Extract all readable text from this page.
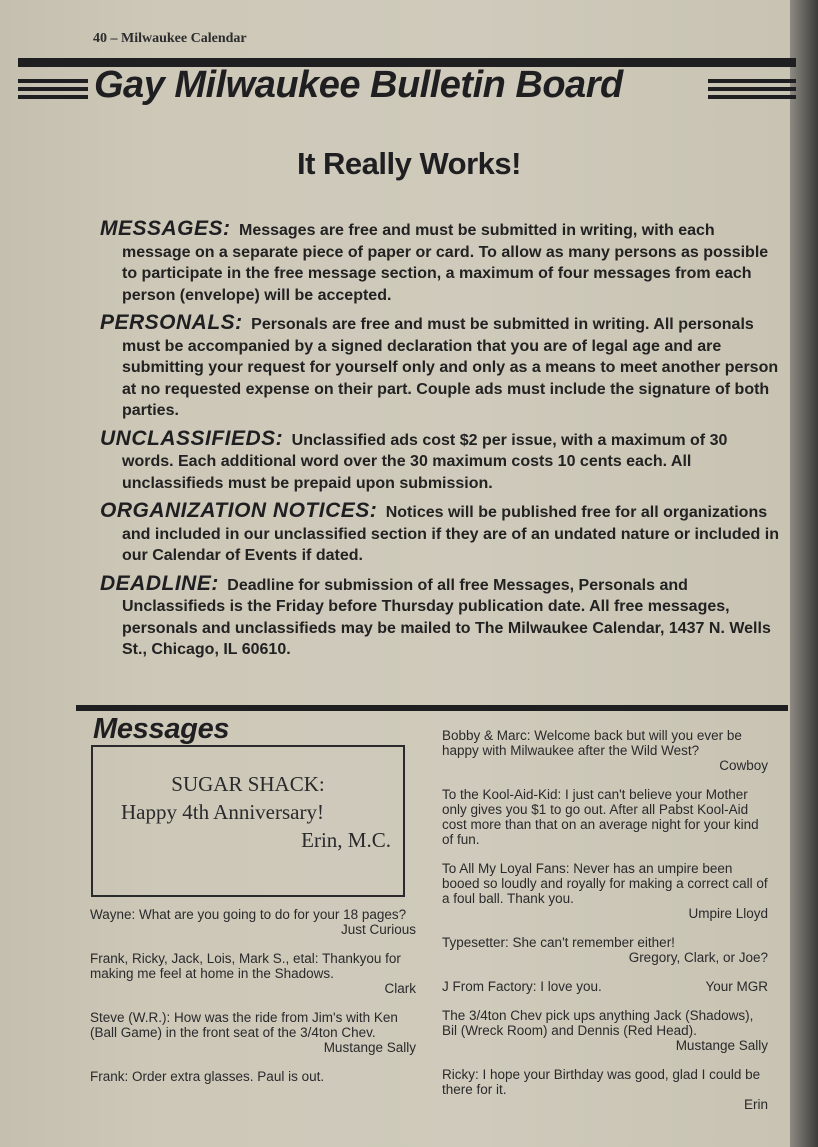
40 – Milwaukee Calendar
Gay Milwaukee Bulletin Board
It Really Works!
MESSAGES: Messages are free and must be submitted in writing, with each message on a separate piece of paper or card. To allow as many persons as possible to participate in the free message section, a maximum of four messages from each person (envelope) will be accepted.
PERSONALS: Personals are free and must be submitted in writing. All personals must be accompanied by a signed declaration that you are of legal age and are submitting your request for yourself only and only as a means to meet another person at no requested expense on their part. Couple ads must include the signature of both parties.
UNCLASSIFIEDS: Unclassified ads cost $2 per issue, with a maximum of 30 words. Each additional word over the 30 maximum costs 10 cents each. All unclassifieds must be prepaid upon submission.
ORGANIZATION NOTICES: Notices will be published free for all organizations and included in our unclassified section if they are of an undated nature or included in our Calendar of Events if dated.
DEADLINE: Deadline for submission of all free Messages, Personals and Unclassifieds is the Friday before Thursday publication date. All free messages, personals and unclassifieds may be mailed to The Milwaukee Calendar, 1437 N. Wells St., Chicago, IL 60610.
Messages
SUGAR SHACK:
Happy 4th Anniversary!
Erin, M.C.
Wayne: What are you going to do for your 18 pages?
Just Curious
Frank, Ricky, Jack, Lois, Mark S., etal: Thankyou for making me feel at home in the Shadows.
Clark
Steve (W.R.): How was the ride from Jim's with Ken (Ball Game) in the front seat of the 3/4ton Chev.
Mustange Sally
Frank: Order extra glasses. Paul is out.
Bobby & Marc: Welcome back but will you ever be happy with Milwaukee after the Wild West?
Cowboy
To the Kool-Aid-Kid: I just can't believe your Mother only gives you $1 to go out. After all Pabst Kool-Aid cost more than that on an average night for your kind of fun.
To All My Loyal Fans: Never has an umpire been booed so loudly and royally for making a correct call of a foul ball. Thank you.
Umpire Lloyd
Typesetter: She can't remember either!
Gregory, Clark, or Joe?
Your MGR
J From Factory: I love you.
The 3/4ton Chev pick ups anything Jack (Shadows), Bil (Wreck Room) and Dennis (Red Head).
Mustange Sally
Ricky: I hope your Birthday was good, glad I could be there for it.
Erin
